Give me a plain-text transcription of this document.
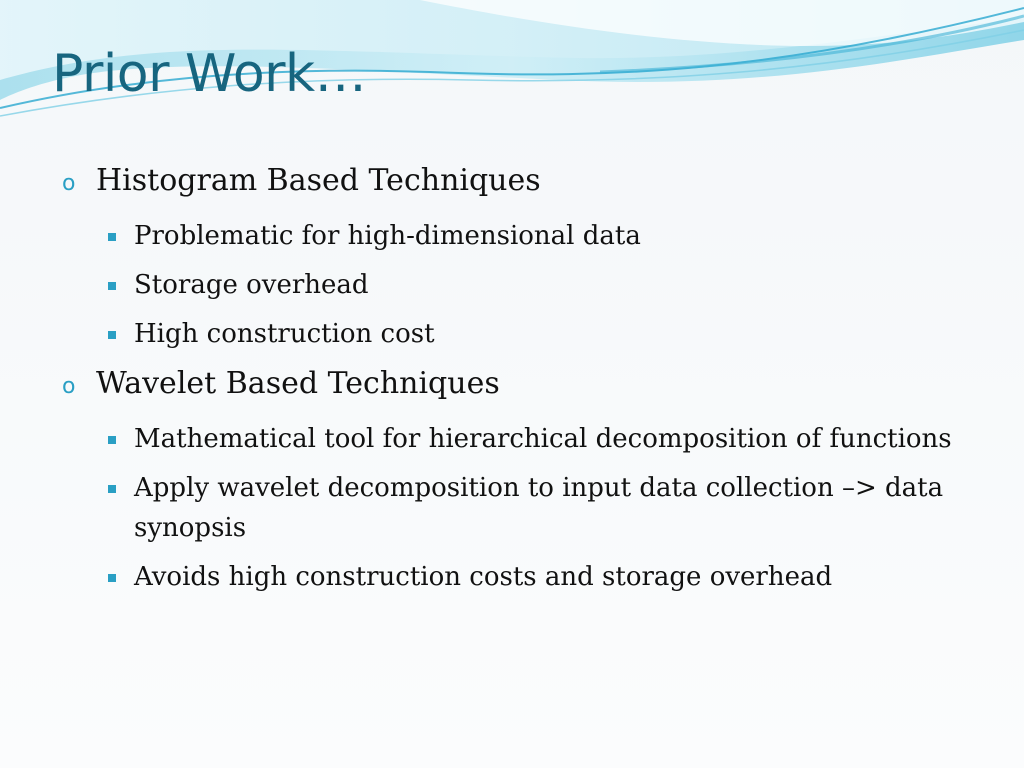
Prior Work…
o Histogram Based Techniques
Problematic for high-dimensional data
Storage overhead
High construction cost
o Wavelet Based Techniques
Mathematical tool for hierarchical decomposition of functions
Apply wavelet decomposition to input data collection –> data synopsis
Avoids high construction costs and storage overhead
